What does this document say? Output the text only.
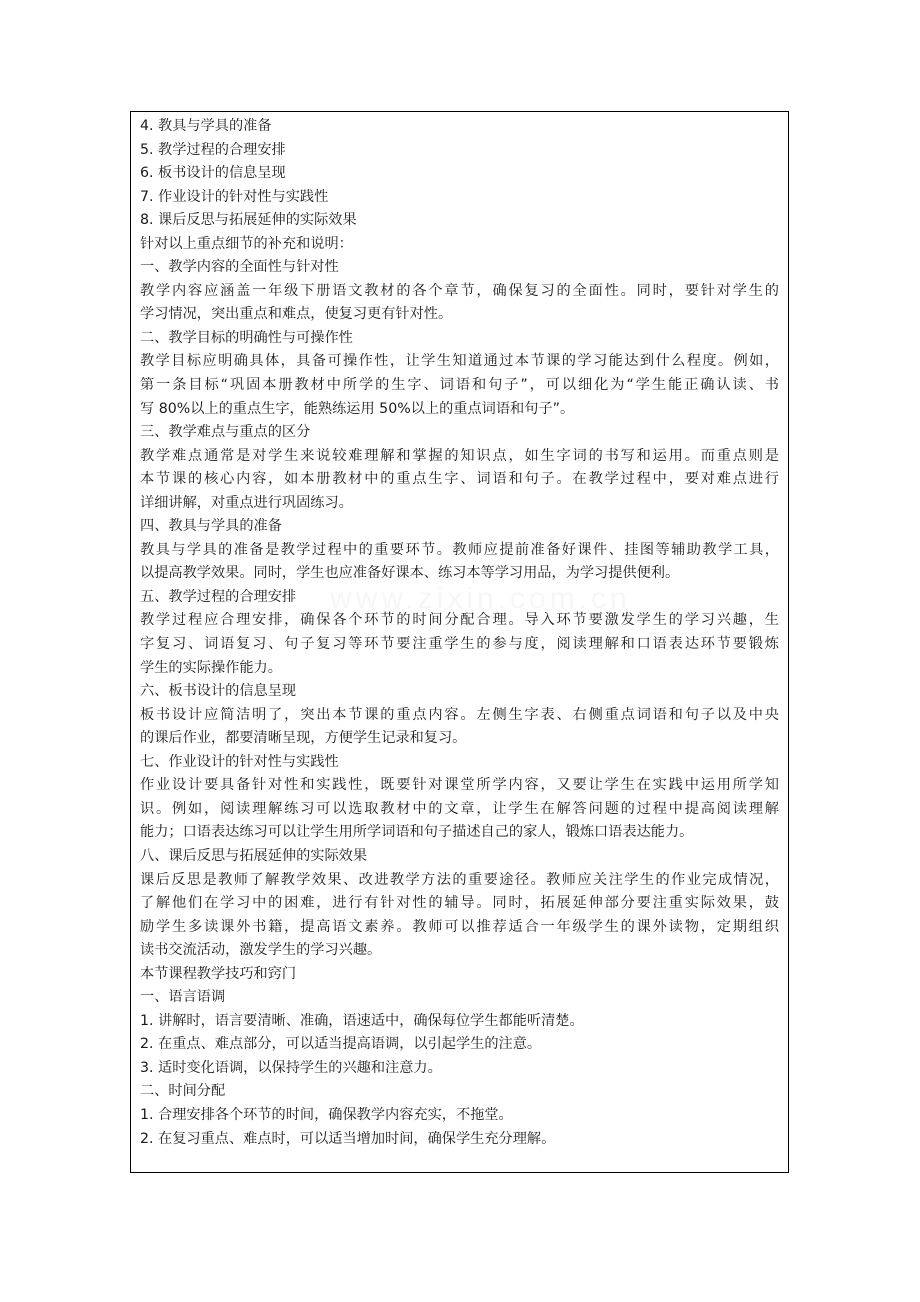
www.zixin.com.cn
4. 教具与学具的准备
5. 教学过程的合理安排
6. 板书设计的信息呈现
7. 作业设计的针对性与实践性
8. 课后反思与拓展延伸的实际效果
针对以上重点细节的补充和说明：
一、教学内容的全面性与针对性
教学内容应涵盖一年级下册语文教材的各个章节，确保复习的全面性。同时，要针对学生的
学习情况，突出重点和难点，使复习更有针对性。
二、教学目标的明确性与可操作性
教学目标应明确具体，具备可操作性，让学生知道通过本节课的学习能达到什么程度。例如，
第一条目标“巩固本册教材中所学的生字、词语和句子”，可以细化为“学生能正确认读、书
写 80%以上的重点生字，能熟练运用 50%以上的重点词语和句子”。
三、教学难点与重点的区分
教学难点通常是对学生来说较难理解和掌握的知识点，如生字词的书写和运用。而重点则是
本节课的核心内容，如本册教材中的重点生字、词语和句子。在教学过程中，要对难点进行
详细讲解，对重点进行巩固练习。
四、教具与学具的准备
教具与学具的准备是教学过程中的重要环节。教师应提前准备好课件、挂图等辅助教学工具，
以提高教学效果。同时，学生也应准备好课本、练习本等学习用品，为学习提供便利。
五、教学过程的合理安排
教学过程应合理安排，确保各个环节的时间分配合理。导入环节要激发学生的学习兴趣，生
字复习、词语复习、句子复习等环节要注重学生的参与度，阅读理解和口语表达环节要锻炼
学生的实际操作能力。
六、板书设计的信息呈现
板书设计应简洁明了，突出本节课的重点内容。左侧生字表、右侧重点词语和句子以及中央
的课后作业，都要清晰呈现，方便学生记录和复习。
七、作业设计的针对性与实践性
作业设计要具备针对性和实践性，既要针对课堂所学内容，又要让学生在实践中运用所学知
识。例如，阅读理解练习可以选取教材中的文章，让学生在解答问题的过程中提高阅读理解
能力；口语表达练习可以让学生用所学词语和句子描述自己的家人，锻炼口语表达能力。
八、课后反思与拓展延伸的实际效果
课后反思是教师了解教学效果、改进教学方法的重要途径。教师应关注学生的作业完成情况，
了解他们在学习中的困难，进行有针对性的辅导。同时，拓展延伸部分要注重实际效果，鼓
励学生多读课外书籍，提高语文素养。教师可以推荐适合一年级学生的课外读物，定期组织
读书交流活动，激发学生的学习兴趣。
本节课程教学技巧和窍门
一、语言语调
1. 讲解时，语言要清晰、准确，语速适中，确保每位学生都能听清楚。
2. 在重点、难点部分，可以适当提高语调，以引起学生的注意。
3. 适时变化语调，以保持学生的兴趣和注意力。
二、时间分配
1. 合理安排各个环节的时间，确保教学内容充实，不拖堂。
2. 在复习重点、难点时，可以适当增加时间，确保学生充分理解。
